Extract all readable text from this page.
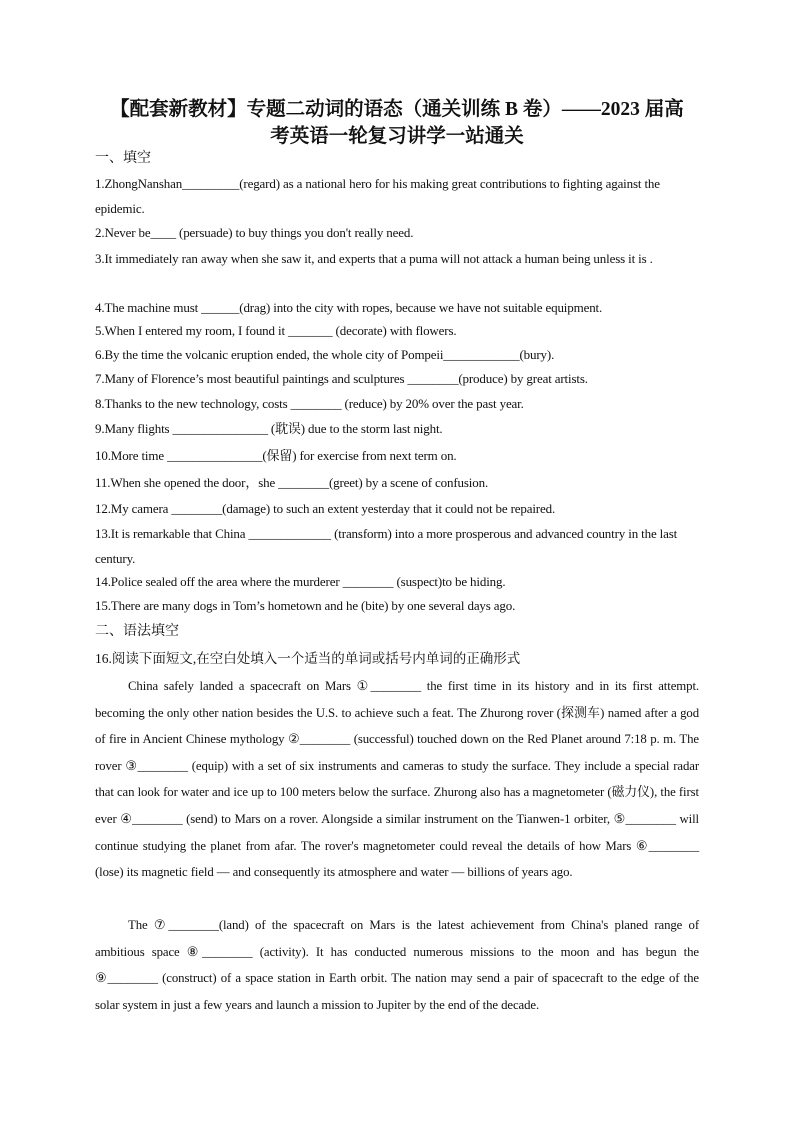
【配套新教材】专题二动词的语态（通关训练 B 卷）——2023 届高
考英语一轮复习讲学一站通关

一、填空

1.ZhongNanshan_________(regard) as a national hero for his making great contributions to fighting against the epidemic.

2.Never be____ (persuade) to buy things you don't really need.

3.It immediately ran away when she saw it, and experts that a puma will not attack a human being unless it is .

4.The machine must ______(drag) into the city with ropes, because we have not suitable equipment.

5.When I entered my room, I found it _______ (decorate) with flowers.

6.By the time the volcanic eruption ended, the whole city of Pompeii____________(bury).

7.Many of Florence’s most beautiful paintings and sculptures ________(produce) by great artists.

8.Thanks to the new technology, costs ________ (reduce) by 20% over the past year.

9.Many flights _______________ (耽误) due to the storm last night.

10.More time _______________(保留) for exercise from next term on.

11.When she opened the door，she ________(greet) by a scene of confusion.

12.My camera ________(damage) to such an extent yesterday that it could not be repaired.

13.It is remarkable that China _____________ (transform) into a more prosperous and advanced country in the last century.

14.Police sealed off the area where the murderer ________ (suspect)to be hiding.

15.There are many dogs in Tom’s hometown and he (bite) by one several days ago.

二、语法填空

16.阅读下面短文,在空白处填入一个适当的单词或括号内单词的正确形式

China safely landed a spacecraft on Mars ①________ the first time in its history and in its first attempt. becoming the only other nation besides the U.S. to achieve such a feat. The Zhurong rover (探测车) named after a god of fire in Ancient Chinese mythology ②________ (successful) touched down on the Red Planet around 7:18 p. m. The rover ③________ (equip) with a set of six instruments and cameras to study the surface. They include a special radar that can look for water and ice up to 100 meters below the surface. Zhurong also has a magnetometer (磁力仪), the first ever ④________ (send) to Mars on a rover. Alongside a similar instrument on the Tianwen-1 orbiter, ⑤________ will continue studying the planet from afar. The rover's magnetometer could reveal the details of how Mars ⑥________ (lose) its magnetic field — and consequently its atmosphere and water — billions of years ago.

The ⑦________(land) of the spacecraft on Mars is the latest achievement from China's planed range of ambitious space ⑧________ (activity). It has conducted numerous missions to the moon and has begun the ⑨________ (construct) of a space station in Earth orbit. The nation may send a pair of spacecraft to the edge of the solar system in just a few years and launch a mission to Jupiter by the end of the decade.
